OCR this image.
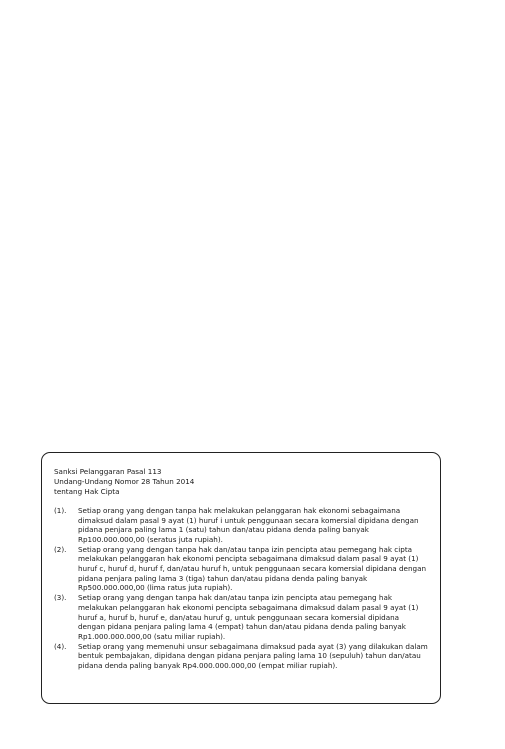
Sanksi Pelanggaran Pasal 113

Undang-Undang Nomor 28 Tahun 2014

tentang Hak Cipta

(1).	Setiap orang yang dengan tanpa hak melakukan pelanggaran hak ekonomi sebagaimana dimaksud dalam pasal 9 ayat (1) huruf i untuk penggunaan secara komersial dipidana dengan pidana penjara paling lama 1 (satu) tahun dan/atau pidana denda paling banyak Rp100.000.000,00 (seratus juta rupiah).
(2).	Setiap orang yang dengan tanpa hak dan/atau tanpa izin pencipta atau pemegang hak cipta melakukan pelanggaran hak ekonomi pencipta sebagaimana dimaksud dalam pasal 9 ayat (1) huruf c, huruf d, huruf f, dan/atau huruf h, untuk penggunaan secara komersial dipidana dengan pidana penjara paling lama 3 (tiga) tahun dan/atau pidana denda paling banyak Rp500.000.000,00 (lima ratus juta rupiah).
(3).	Setiap orang yang dengan tanpa hak dan/atau tanpa izin pencipta atau pemegang hak melakukan pelanggaran hak ekonomi pencipta sebagaimana dimaksud dalam pasal 9 ayat (1) huruf a, huruf b, huruf e, dan/atau huruf g, untuk penggunaan secara komersial dipidana dengan pidana penjara paling lama 4 (empat) tahun dan/atau pidana denda paling banyak Rp1.000.000.000,00 (satu miliar rupiah).
(4).	Setiap orang yang memenuhi unsur sebagaimana dimaksud pada ayat (3) yang dilakukan dalam bentuk pembajakan, dipidana dengan pidana penjara paling lama 10 (sepuluh) tahun dan/atau pidana denda paling banyak Rp4.000.000.000,00 (empat miliar rupiah).
